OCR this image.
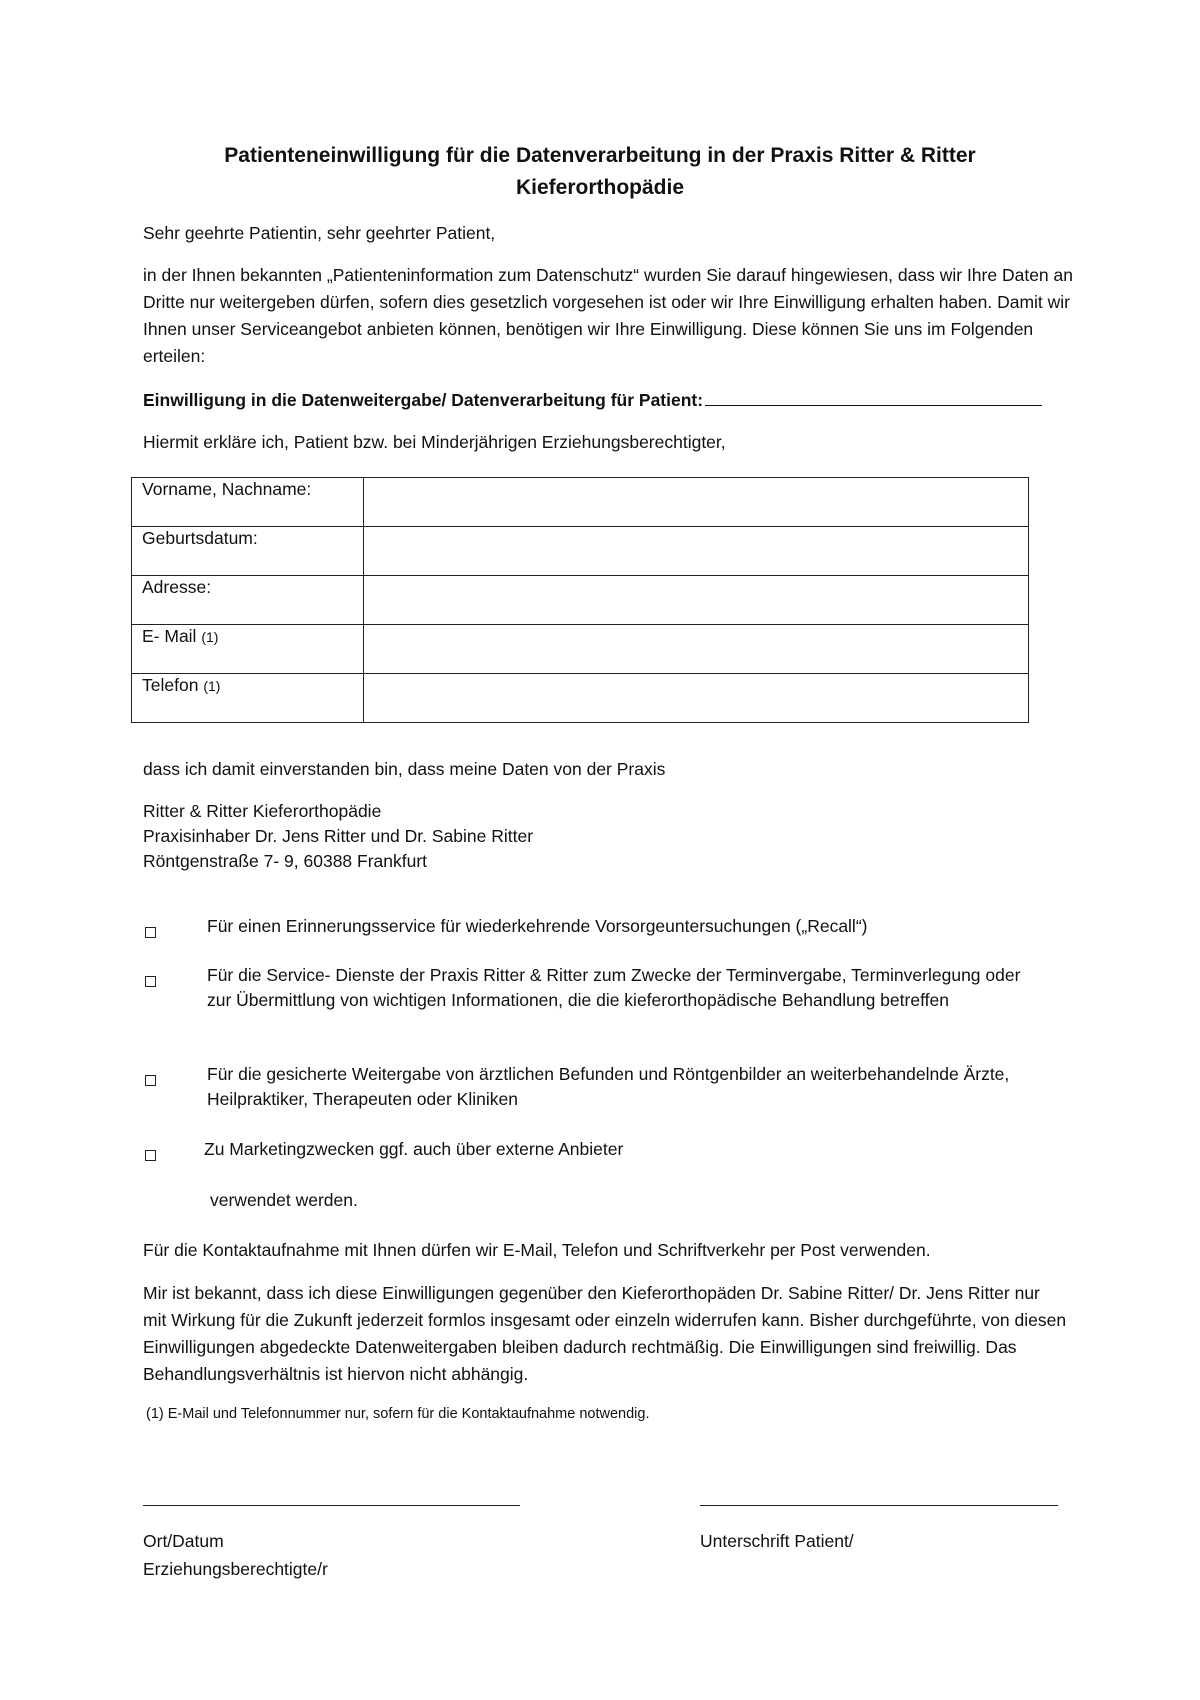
Patienteneinwilligung für die Datenverarbeitung in der Praxis Ritter & Ritter
Kieferorthopädie
Sehr geehrte Patientin, sehr geehrter Patient,
in der Ihnen bekannten „Patienteninformation zum Datenschutz“ wurden Sie darauf hingewiesen, dass wir Ihre Daten an Dritte nur weitergeben dürfen, sofern dies gesetzlich vorgesehen ist oder wir Ihre Einwilligung erhalten haben. Damit wir Ihnen unser Serviceangebot anbieten können, benötigen wir Ihre Einwilligung. Diese können Sie uns im Folgenden erteilen:
Einwilligung in die Datenweitergabe/ Datenverarbeitung für Patient:
Hiermit erkläre ich, Patient bzw. bei Minderjährigen Erziehungsberechtigter,
Vorname, Nachname:	
Geburtsdatum:	
Adresse:	
E- Mail (1)	
Telefon (1)	
dass ich damit einverstanden bin, dass meine Daten von der Praxis
Ritter & Ritter Kieferorthopädie
Praxisinhaber Dr. Jens Ritter und Dr. Sabine Ritter
Röntgenstraße 7- 9, 60388 Frankfurt
Für einen Erinnerungsservice für wiederkehrende Vorsorgeuntersuchungen („Recall“)
Für die Service- Dienste der Praxis Ritter & Ritter zum Zwecke der Terminvergabe, Terminverlegung oder zur Übermittlung von wichtigen Informationen, die die kieferorthopädische Behandlung betreffen
Für die gesicherte Weitergabe von ärztlichen Befunden und Röntgenbilder an weiterbehandelnde Ärzte, Heilpraktiker, Therapeuten oder Kliniken
Zu Marketingzwecken ggf. auch über externe Anbieter
verwendet werden.
Für die Kontaktaufnahme mit Ihnen dürfen wir E-Mail, Telefon und Schriftverkehr per Post verwenden.
Mir ist bekannt, dass ich diese Einwilligungen gegenüber den Kieferorthopäden Dr. Sabine Ritter/ Dr. Jens Ritter nur mit Wirkung für die Zukunft jederzeit formlos insgesamt oder einzeln widerrufen kann. Bisher durchgeführte, von diesen Einwilligungen abgedeckte Datenweitergaben bleiben dadurch rechtmäßig. Die Einwilligungen sind freiwillig. Das Behandlungsverhältnis ist hiervon nicht abhängig.
(1) E-Mail und Telefonnummer nur, sofern für die Kontaktaufnahme notwendig.
Ort/Datum
Erziehungsberechtigte/r
Unterschrift Patient/
